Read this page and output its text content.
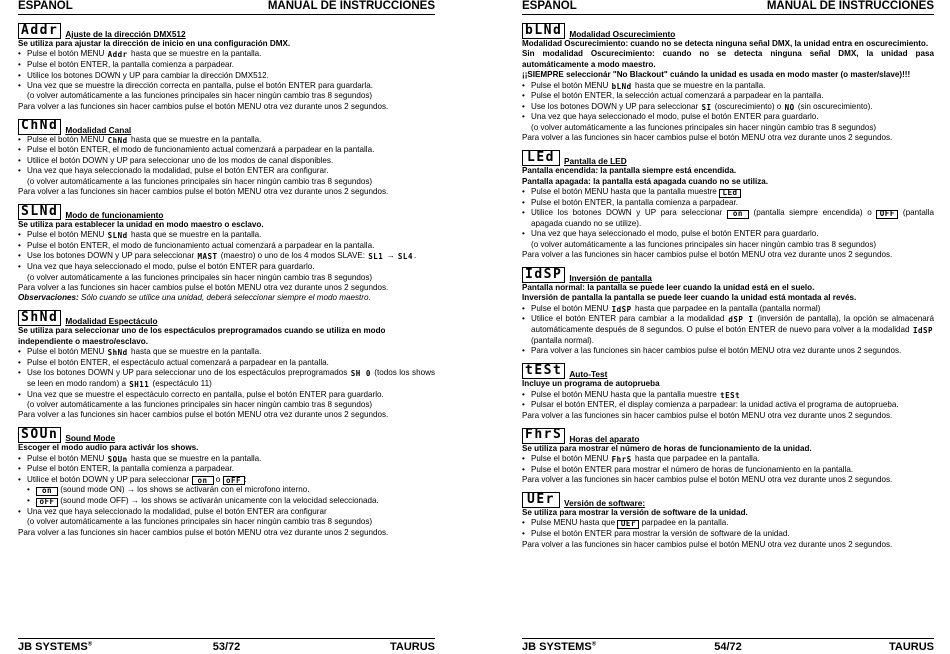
ESPAÑOL	MANUAL DE INSTRUCCIONES
Addr Ajuste de la dirección DMX512
Se utiliza para ajustar la dirección de inicio en una configuración DMX.
• Pulse el botón MENU Addr hasta que se muestre en la pantalla.
• Pulse el botón ENTER, la pantalla comienza a parpadear.
• Utilice los botones DOWN y UP para cambiar la dirección DMX512.
• Una vez que se muestre la dirección correcta en pantalla, pulse el botón ENTER para guardarla.
(o volver automáticamente a las funciones principales sin hacer ningún cambio tras 8 segundos)
Para volver a las funciones sin hacer cambios pulse el botón MENU otra vez durante unos 2 segundos.
ChNd Modalidad Canal
• Pulse el botón MENU ChNd hasta que se muestre en la pantalla.
• Pulse el botón ENTER, el modo de funcionamiento actual comenzará a parpadear en la pantalla.
• Utilice el botón DOWN y UP para seleccionar uno de los modos de canal disponibles.
• Una vez que haya seleccionado la modalidad, pulse el botón ENTER ara configurar.
(o volver automáticamente a las funciones principales sin hacer ningún cambio tras 8 segundos)
Para volver a las funciones sin hacer cambios pulse el botón MENU otra vez durante unos 2 segundos.
SLNd Modo de funcionamiento
Se utiliza para establecer la unidad en modo maestro o esclavo.
• Pulse el botón MENU SLNd hasta que se muestre en la pantalla.
• Pulse el botón ENTER, el modo de funcionamiento actual comenzará a parpadear en la pantalla.
• Use los botones DOWN y UP para seleccionar MAST (maestro) o uno de los 4 modos SLAVE: SL1 → SL4.
• Una vez que haya seleccionado el modo, pulse el botón ENTER para guardarlo.
(o volver automáticamente a las funciones principales sin hacer ningún cambio tras 8 segundos)
Para volver a las funciones sin hacer cambios pulse el botón MENU otra vez durante unos 2 segundos.
Observaciones: Sólo cuando se utilice una unidad, deberá seleccionar siempre el modo maestro.
ShNd Modalidad Espectáculo
Se utiliza para seleccionar uno de los espectáculos preprogramados cuando se utiliza en modo independiente o maestro/esclavo.
• Pulse el botón MENU ShNd hasta que se muestre en la pantalla.
• Pulse el botón ENTER, el espectáculo actual comenzará a parpadear en la pantalla.
• Use los botones DOWN y UP para seleccionar uno de los espectáculos preprogramados SH 0 (todos los shows se leen en modo random) a SH11 (espectáculo 11)
• Una vez que se muestre el espectáculo correcto en pantalla, pulse el botón ENTER para guardarlo.
(o volver automáticamente a las funciones principales sin hacer ningún cambio tras 8 segundos)
Para volver a las funciones sin hacer cambios pulse el botón MENU otra vez durante unos 2 segundos.
SOUn Sound Mode
Escoger el modo audio para activár los shows.
• Pulse el botón MENU SOUn hasta que se muestre en la pantalla.
• Pulse el botón ENTER, la pantalla comienza a parpadear.
• Utilice el botón DOWN y UP para seleccionar on o oFF :
• on (sound mode ON) → los shows se activarán con el microfono interno.
• oFF (sound mode OFF) → los shows se activarán unicamente con la velocidad seleccionada.
• Una vez que haya seleccionado la modalidad, pulse el botón ENTER ara configurar
(o volver automáticamente a las funciones principales sin hacer ningún cambio tras 8 segundos)
Para volver a las funciones sin hacer cambios pulse el botón MENU otra vez durante unos 2 segundos.
JB SYSTEMS®	53/72	TAURUS
ESPAÑOL	MANUAL DE INSTRUCCIONES
bLNd Modalidad Oscurecimiento
Modalidad Oscurecimiento: cuando no se detecta ninguna señal DMX, la unidad entra en oscurecimiento.
Sin modalidad Oscurecimiento: cuando no se detecta ninguna señal DMX, la unidad pasa automáticamente a modo maestro.
¡¡SIEMPRE seleccionár "No Blackout" cuándo la unidad es usada en modo master (o master/slave)!!!
• Pulse el botón MENU bLNd hasta que se muestre en la pantalla.
• Pulse el botón ENTER, la selección actual comenzará a parpadear en la pantalla.
• Use los botones DOWN y UP para seleccionar SI (oscurecimiento) o NO (sin oscurecimiento).
• Una vez que haya seleccionado el modo, pulse el botón ENTER para guardarlo.
(o volver automáticamente a las funciones principales sin hacer ningún cambio tras 8 segundos)
Para volver a las funciones sin hacer cambios pulse el botón MENU otra vez durante unos 2 segundos.
LEd	Pantalla de LED
Pantalla encendida: la pantalla siempre está encendida.
Pantalla apagada: la pantalla está apagada cuando no se utiliza.
• Pulse el botón MENU hasta que la pantalla muestre LEd
• Pulse el botón ENTER, la pantalla comienza a parpadear.
• Utilice los botones DOWN y UP para seleccionar on (pantalla siempre encendida) o OFF (pantalla apagada cuando no se utilize).
• Una vez que haya seleccionado el modo, pulse el botón ENTER para guardarlo.
(o volver automáticamente a las funciones principales sin hacer ningún cambio tras 8 segundos)
Para volver a las funciones sin hacer cambios pulse el botón MENU otra vez durante unos 2 segundos.
IdSP Inversión de pantalla
Pantalla normal: la pantalla se puede leer cuando la unidad está en el suelo.
Inversión de pantalla la pantalla se puede leer cuando la unidad está montada al revés.
• Pulse el botón MENU IdSP hasta que parpadee en la pantalla (pantalla normal)
• Utilice el botón ENTER para cambiar a la modalidad dSP I (inversión de pantalla), la opción se almacenará automáticamente después de 8 segundos. O pulse el botón ENTER de nuevo para volver a la modalidad IdSP (pantalla normal).
• Para volver a las funciones sin hacer cambios pulse el botón MENU otra vez durante unos 2 segundos.
tESt Auto-Test
Incluye un programa de autoprueba
• Pulse el botón MENU hasta que la pantalla muestre tESt
• Pulsar el botón ENTER, el display comienza a parpadear: la unidad activa el programa de autoprueba.
Para volver a las funciones sin hacer cambios pulse el botón MENU otra vez durante unos 2 segundos.
FhrS Horas del aparato
Se utiliza para mostrar el número de horas de funcionamiento de la unidad.
• Pulse el botón MENU FhrS hasta que parpadee en la pantalla.
• Pulse el botón ENTER para mostrar el número de horas de funcionamiento en la pantalla.
Para volver a las funciones sin hacer cambios pulse el botón MENU otra vez durante unos 2 segundos.
UEr	Versión de software:
Se utiliza para mostrar la versión de software de la unidad.
• Pulse MENU hasta que UEr parpadee en la pantalla.
• Pulse el botón ENTER para mostrar la versión de software de la unidad.
Para volver a las funciones sin hacer cambios pulse el botón MENU otra vez durante unos 2 segundos.
JB SYSTEMS®	54/72	TAURUS
